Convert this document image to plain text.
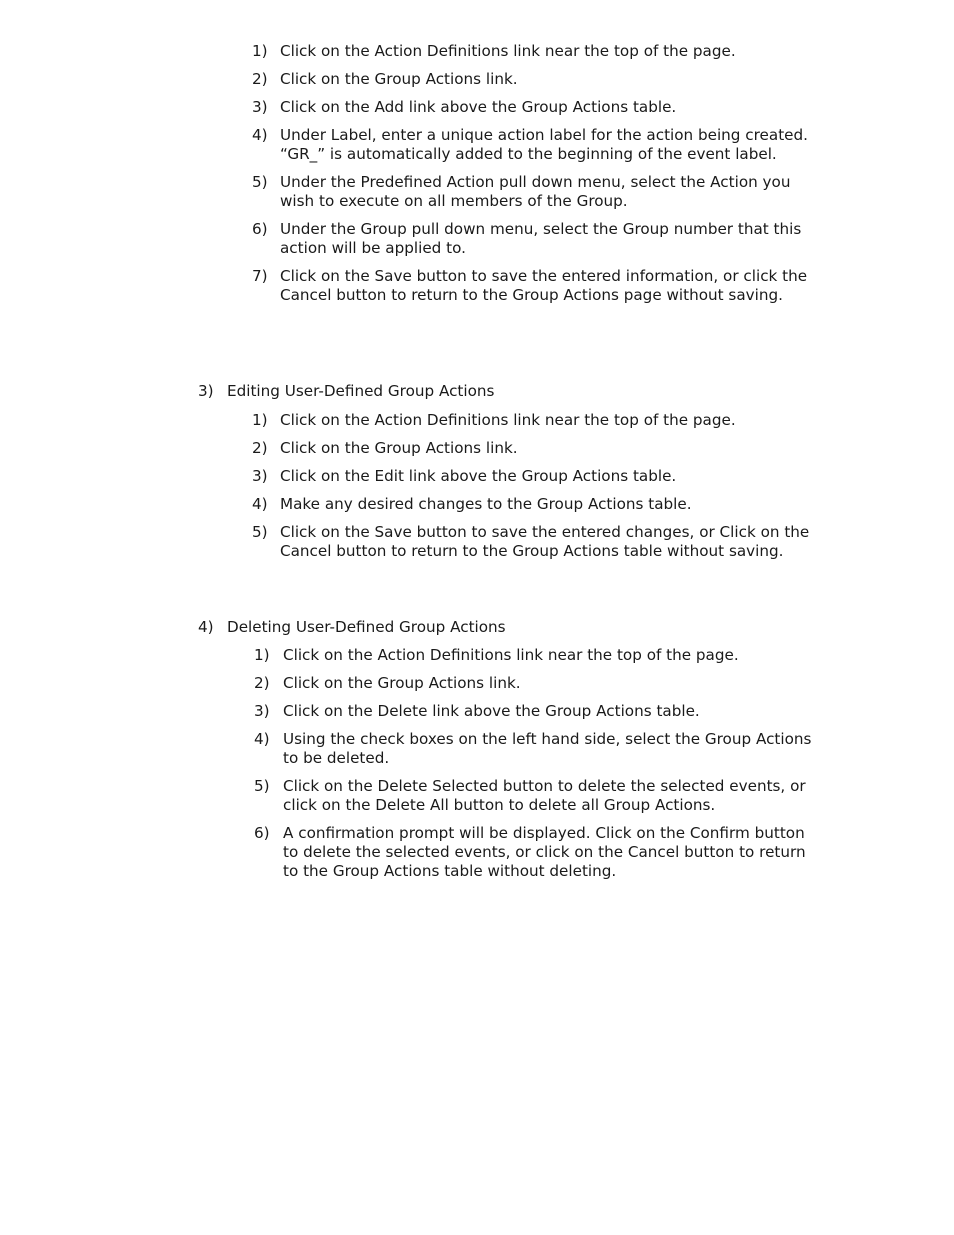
1) Click on the Action Definitions link near the top of the page.
2) Click on the Group Actions link.
3) Click on the Add link above the Group Actions table.
4) Under Label, enter a unique action label for the action being created. “GR_” is automatically added to the beginning of the event label.
5) Under the Predefined Action pull down menu, select the Action you wish to execute on all members of the Group.
6) Under the Group pull down menu, select the Group number that this action will be applied to.
7) Click on the Save button to save the entered information, or click the Cancel button to return to the Group Actions page without saving.
3) Editing User-Defined Group Actions
1) Click on the Action Definitions link near the top of the page.
2) Click on the Group Actions link.
3) Click on the Edit link above the Group Actions table.
4) Make any desired changes to the Group Actions table.
5) Click on the Save button to save the entered changes, or Click on the Cancel button to return to the Group Actions table without saving.
4) Deleting User-Defined Group Actions
1) Click on the Action Definitions link near the top of the page.
2) Click on the Group Actions link.
3) Click on the Delete link above the Group Actions table.
4) Using the check boxes on the left hand side, select the Group Actions to be deleted.
5) Click on the Delete Selected button to delete the selected events, or click on the Delete All button to delete all Group Actions.
6) A confirmation prompt will be displayed. Click on the Confirm button to delete the selected events, or click on the Cancel button to return to the Group Actions table without deleting.
